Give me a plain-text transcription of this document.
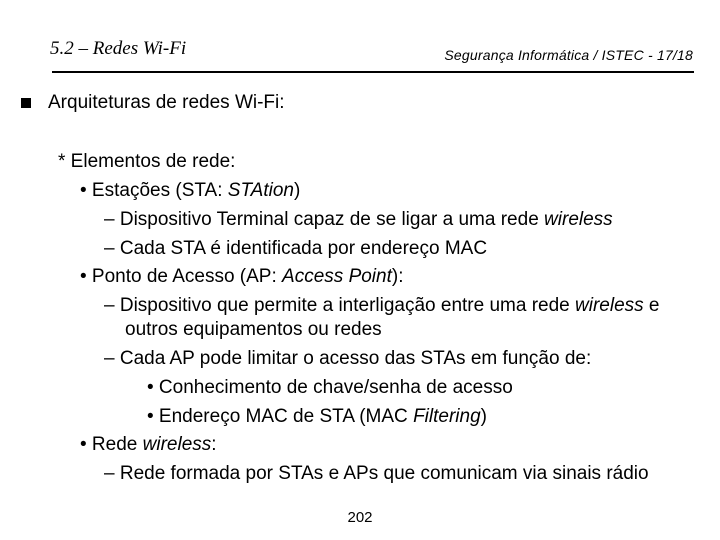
5.2 – Redes Wi-Fi	Segurança Informática / ISTEC - 17/18
Arquiteturas de redes Wi-Fi:
* Elementos de rede:
• Estações (STA: STAtion)
– Dispositivo Terminal capaz de se ligar a uma rede wireless
– Cada STA é identificada por endereço MAC
• Ponto de Acesso (AP: Access Point):
– Dispositivo que permite a interligação entre uma rede wireless e
outros equipamentos ou redes
– Cada AP pode limitar o acesso das STAs em função de:
• Conhecimento de chave/senha de acesso
• Endereço MAC de STA (MAC Filtering)
• Rede wireless:
– Rede formada por STAs e APs que comunicam via sinais rádio
202
